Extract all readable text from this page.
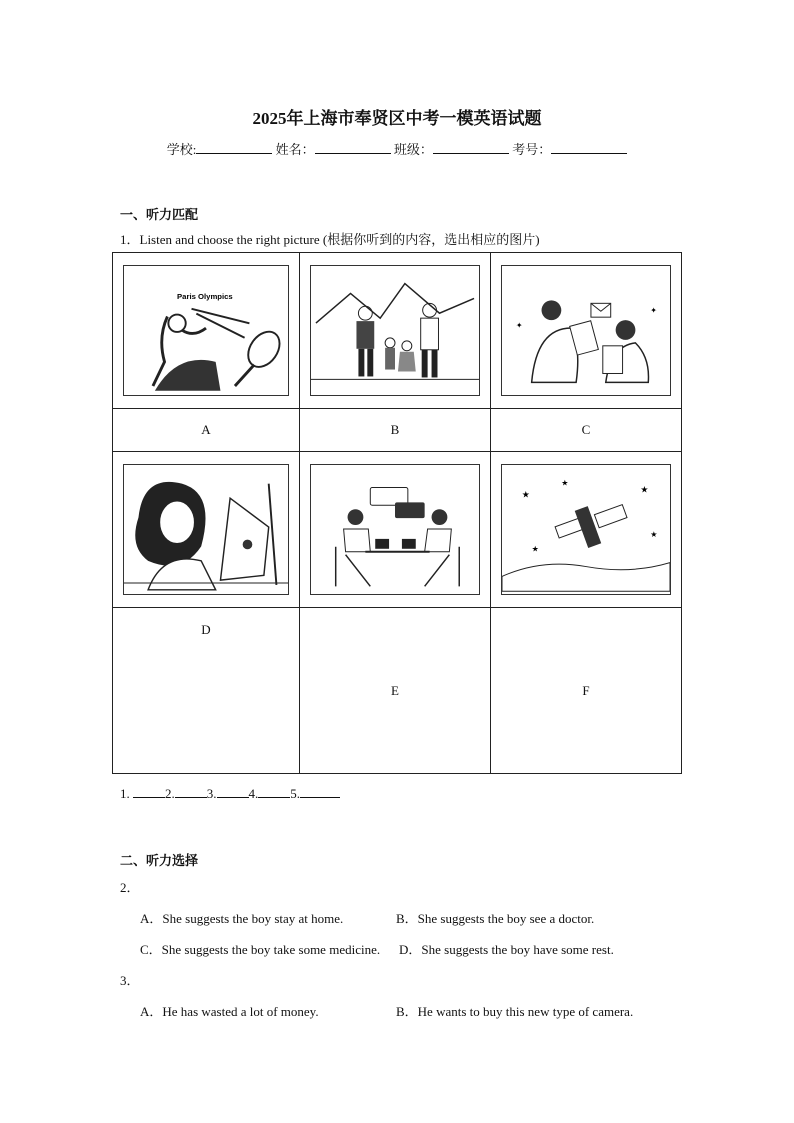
2025年上海市奉贤区中考一模英语试题
学校:	姓名：	班级：	考号：
一、听力匹配
1．Listen and choose the right picture (根据你听到的内容，选出相应的图片)
Paris Olympics		✦
✦

A	B	C

★
★
★
★
★

D	E	F
1.	2. 3. 4. 5.
二、听力选择
2．
A．She suggests the boy stay at home.	B．She suggests the boy see a doctor.
C．She suggests the boy take some medicine. D．She suggests the boy have some rest.
3．
A．He has wasted a lot of money.	B．He wants to buy this new type of camera.
